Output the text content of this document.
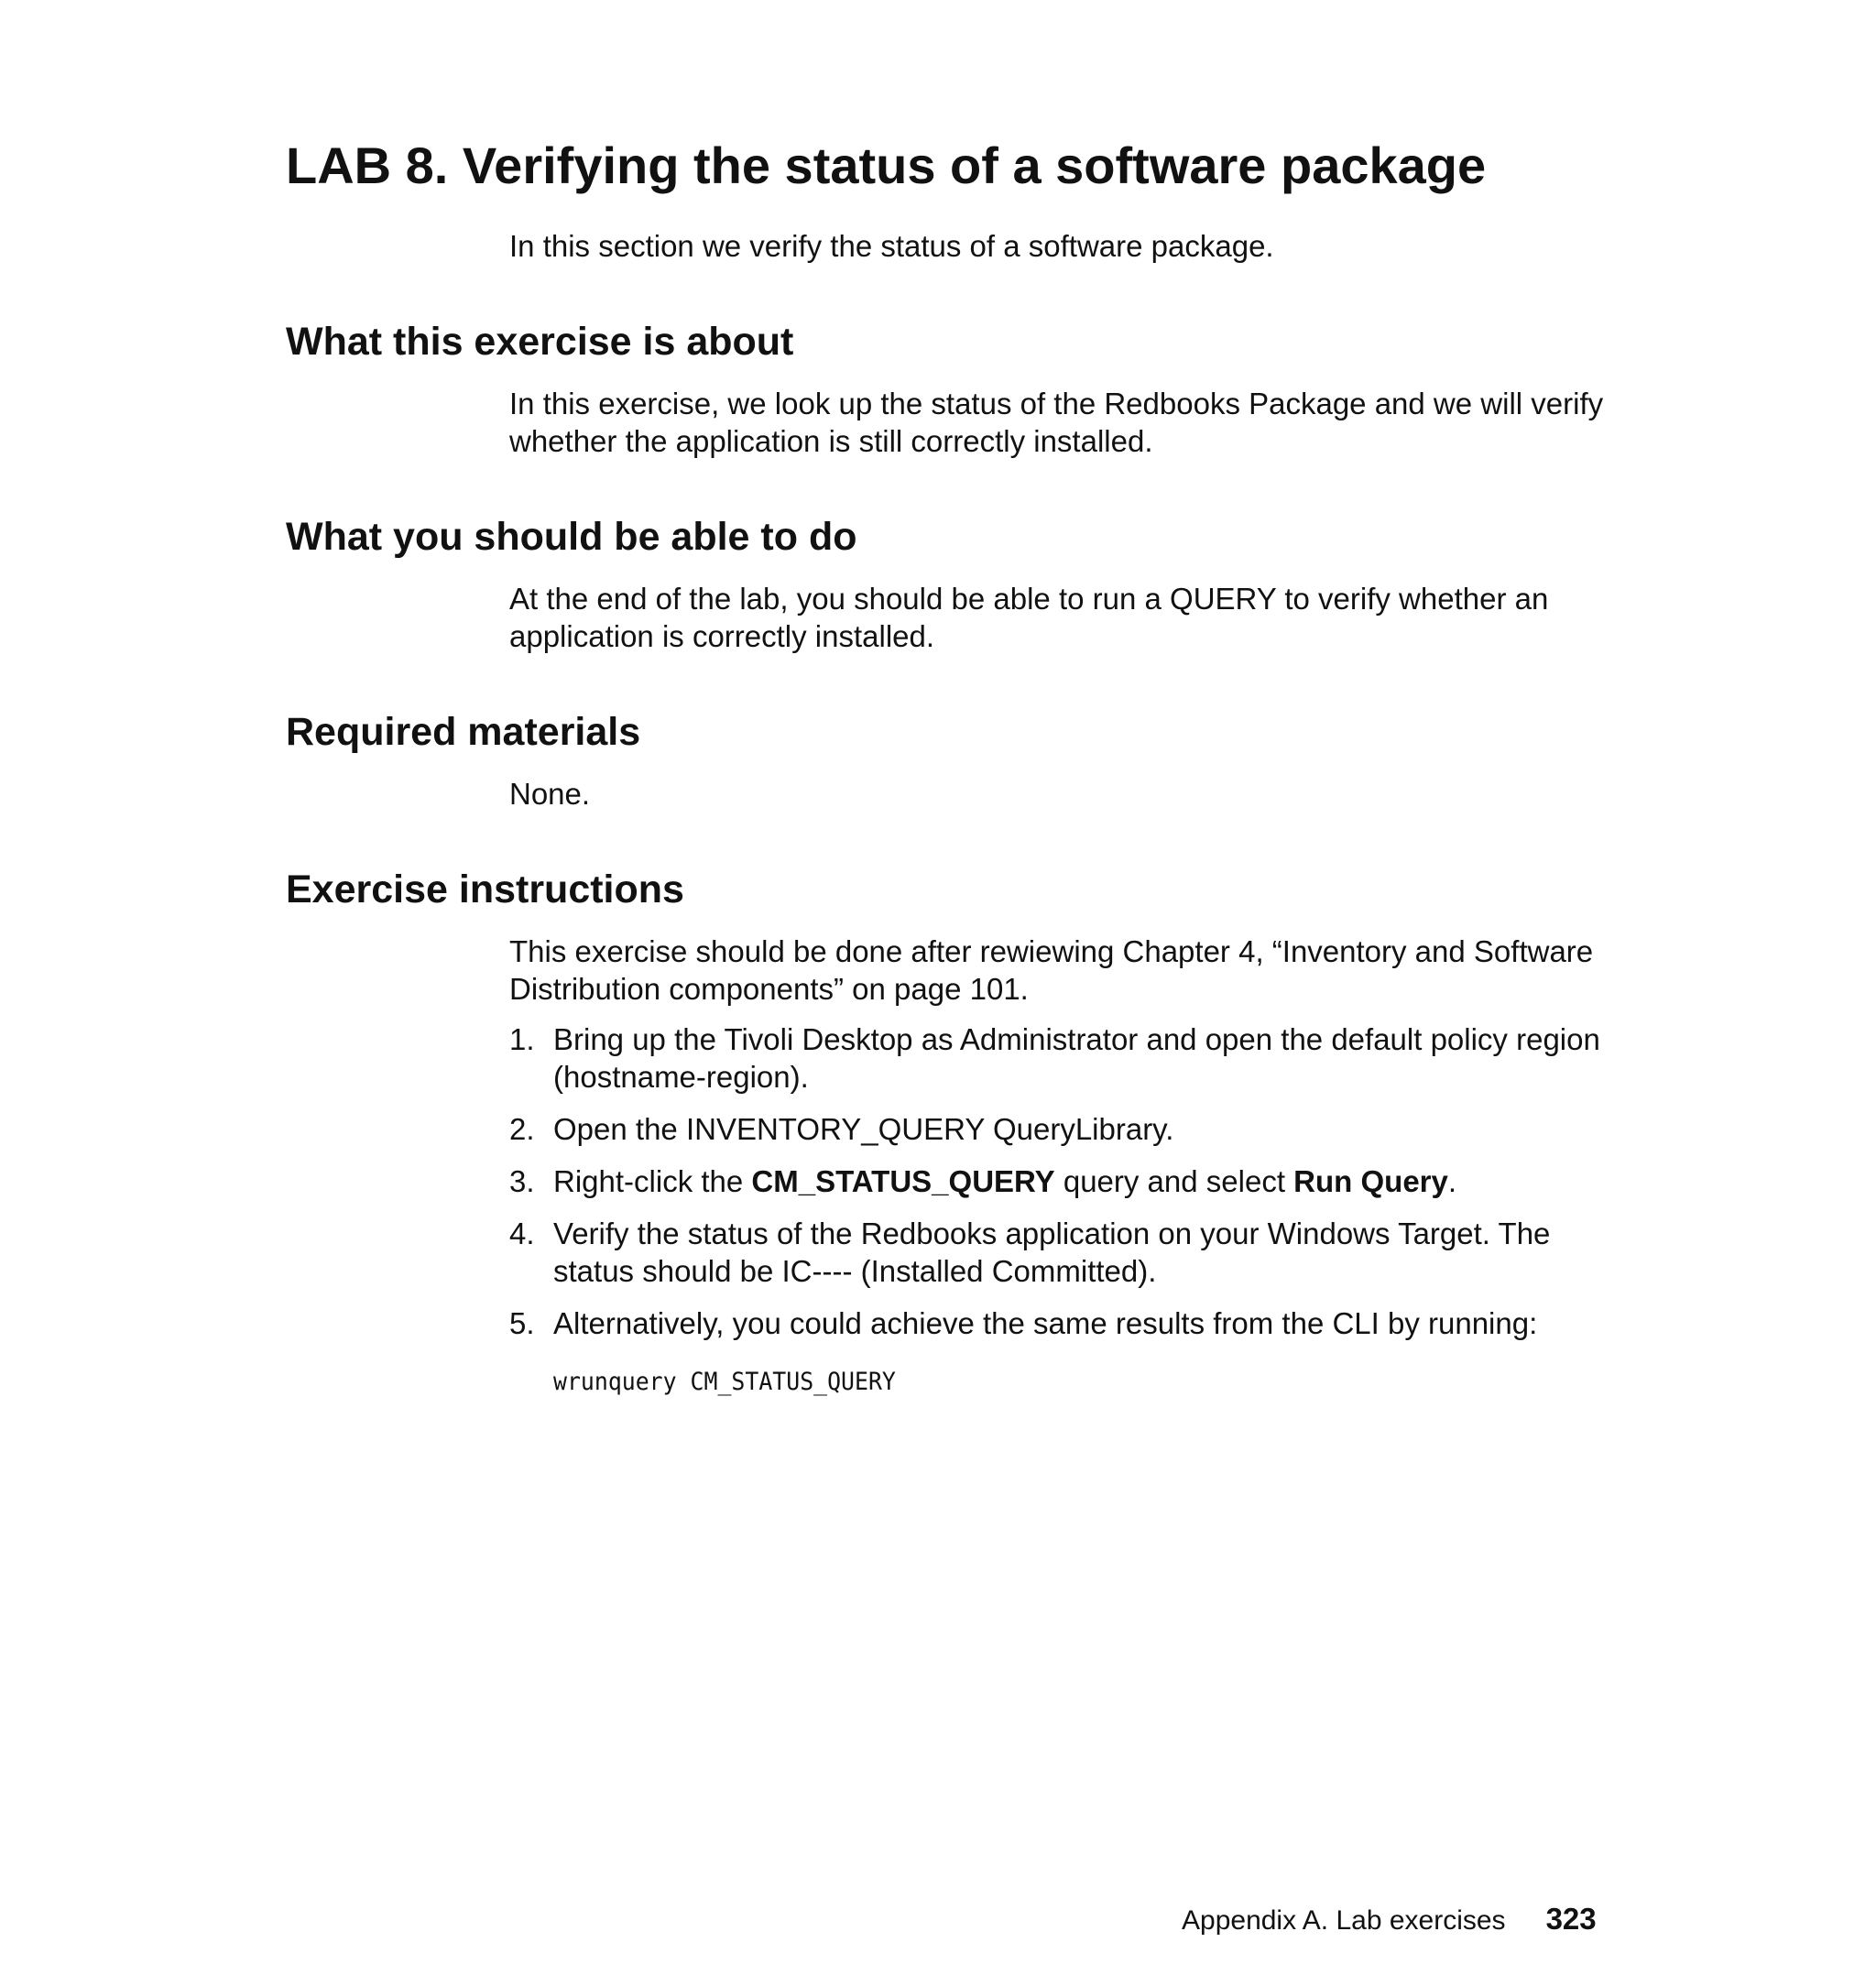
LAB 8. Verifying the status of a software package

In this section we verify the status of a software package.

What this exercise is about

In this exercise, we look up the status of the Redbooks Package and we will verify whether the application is still correctly installed.

What you should be able to do

At the end of the lab, you should be able to run a QUERY to verify whether an application is correctly installed.

Required materials

None.

Exercise instructions

This exercise should be done after rewiewing Chapter 4, “Inventory and Software Distribution components” on page 101.

1. Bring up the Tivoli Desktop as Administrator and open the default policy region (hostname-region).
2. Open the INVENTORY_QUERY QueryLibrary.
3. Right-click the CM_STATUS_QUERY query and select Run Query.
4. Verify the status of the Redbooks application on your Windows Target. The status should be IC---- (Installed Committed).
5. Alternatively, you could achieve the same results from the CLI by running:
wrunquery CM_STATUS_QUERY
Appendix A. Lab exercises 323
